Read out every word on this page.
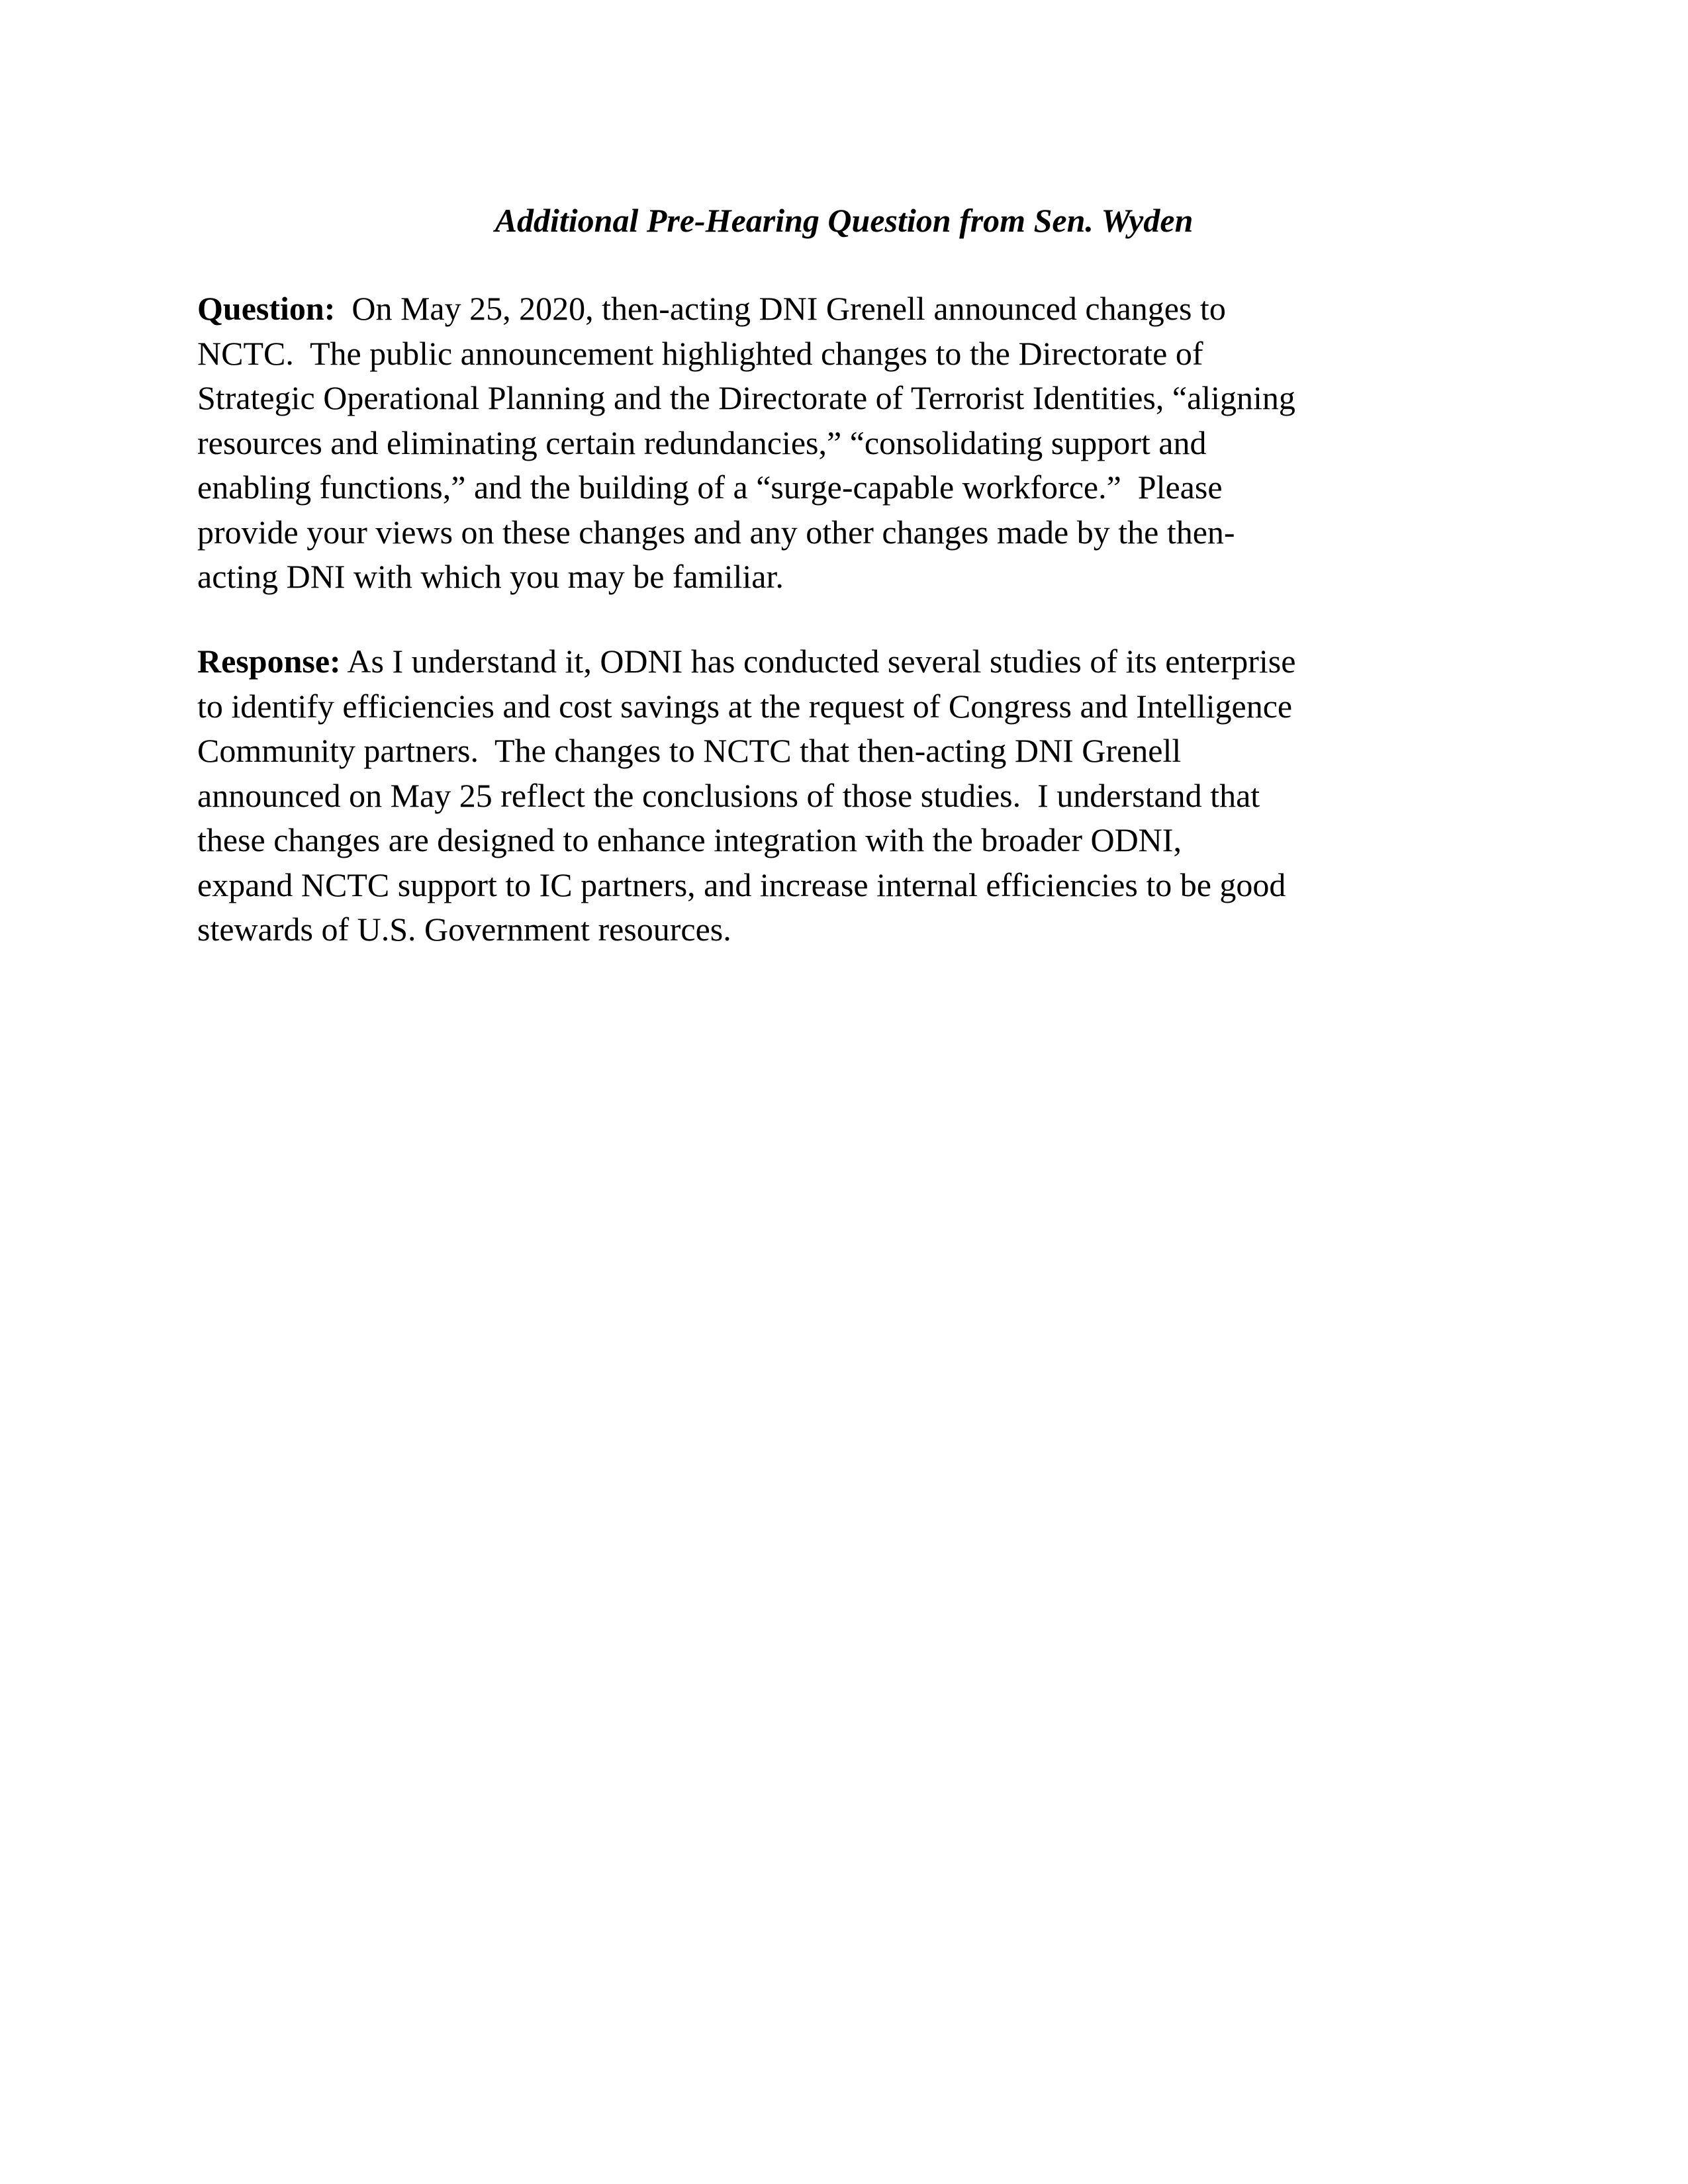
Additional Pre-Hearing Question from Sen. Wyden
Question:  On May 25, 2020, then-acting DNI Grenell announced changes to
NCTC.  The public announcement highlighted changes to the Directorate of
Strategic Operational Planning and the Directorate of Terrorist Identities, “aligning
resources and eliminating certain redundancies,” “consolidating support and
enabling functions,” and the building of a “surge-capable workforce.”  Please
provide your views on these changes and any other changes made by the then-
acting DNI with which you may be familiar.
Response: As I understand it, ODNI has conducted several studies of its enterprise
to identify efficiencies and cost savings at the request of Congress and Intelligence
Community partners.  The changes to NCTC that then-acting DNI Grenell
announced on May 25 reflect the conclusions of those studies.  I understand that
these changes are designed to enhance integration with the broader ODNI,
expand NCTC support to IC partners, and increase internal efficiencies to be good
stewards of U.S. Government resources.
